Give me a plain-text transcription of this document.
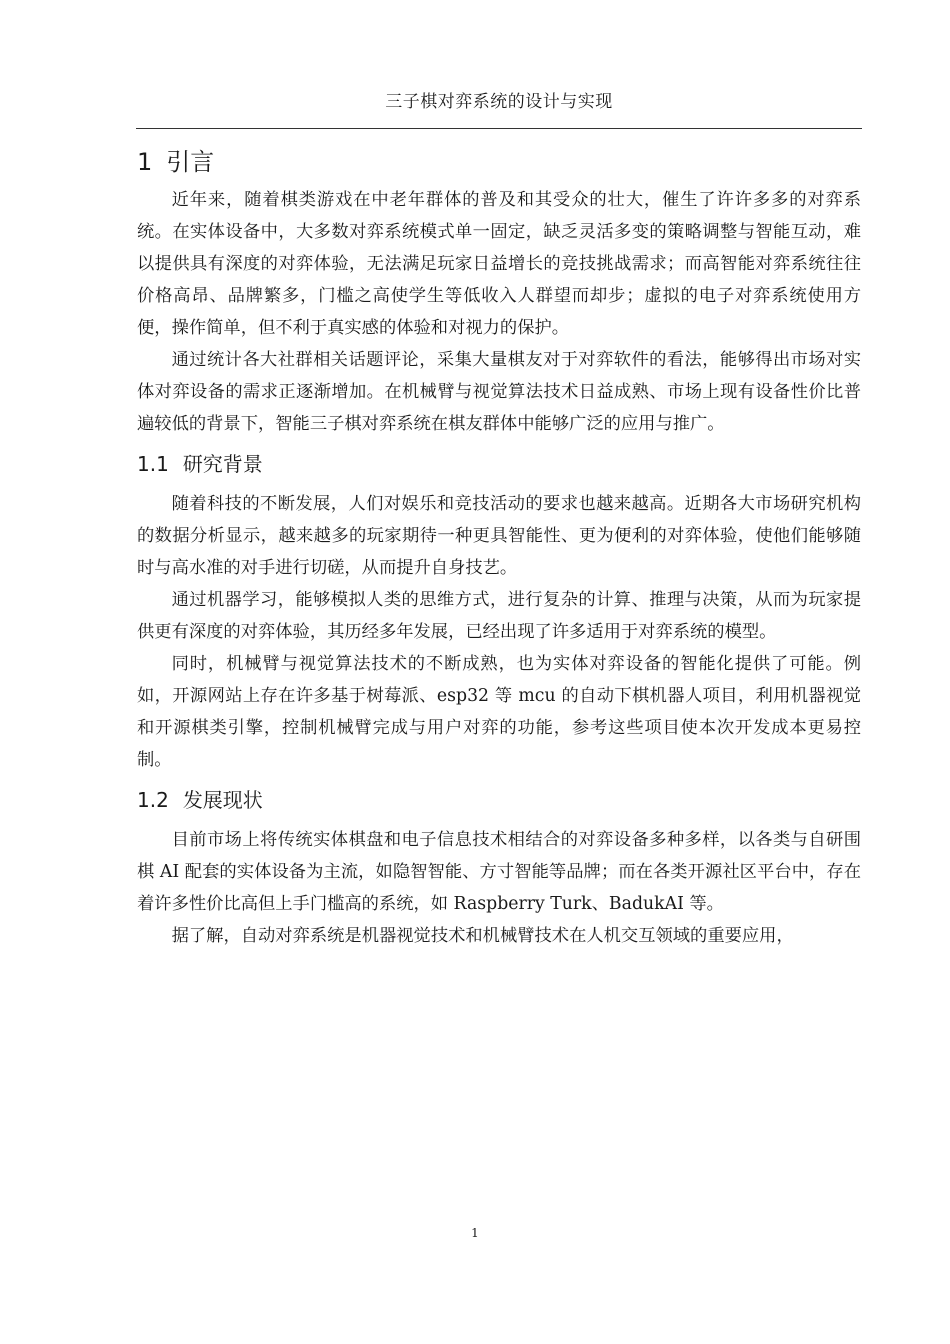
三子棋对弈系统的设计与实现
1 引言

近年来，随着棋类游戏在中老年群体的普及和其受众的壮大，催生了许许多多的对弈系统。在实体设备中，大多数对弈系统模式单一固定，缺乏灵活多变的策略调整与智能互动，难以提供具有深度的对弈体验，无法满足玩家日益增长的竞技挑战需求；而高智能对弈系统往往价格高昂、品牌繁多，门槛之高使学生等低收入人群望而却步；虚拟的电子对弈系统使用方便，操作简单，但不利于真实感的体验和对视力的保护。

通过统计各大社群相关话题评论，采集大量棋友对于对弈软件的看法，能够得出市场对实体对弈设备的需求正逐渐增加。在机械臂与视觉算法技术日益成熟、市场上现有设备性价比普遍较低的背景下，智能三子棋对弈系统在棋友群体中能够广泛的应用与推广。

1.1 研究背景

随着科技的不断发展，人们对娱乐和竞技活动的要求也越来越高。近期各大市场研究机构的数据分析显示，越来越多的玩家期待一种更具智能性、更为便利的对弈体验，使他们能够随时与高水准的对手进行切磋，从而提升自身技艺。

通过机器学习，能够模拟人类的思维方式，进行复杂的计算、推理与决策，从而为玩家提供更有深度的对弈体验，其历经多年发展，已经出现了许多适用于对弈系统的模型。

同时，机械臂与视觉算法技术的不断成熟，也为实体对弈设备的智能化提供了可能。例如，开源网站上存在许多基于树莓派、esp32 等 mcu 的自动下棋机器人项目，利用机器视觉和开源棋类引擎，控制机械臂完成与用户对弈的功能，参考这些项目使本次开发成本更易控制。

1.2 发展现状

目前市场上将传统实体棋盘和电子信息技术相结合的对弈设备多种多样，以各类与自研围棋 AI 配套的实体设备为主流，如隐智智能、方寸智能等品牌；而在各类开源社区平台中，存在着许多性价比高但上手门槛高的系统，如 Raspberry Turk、BadukAI 等。

据了解，自动对弈系统是机器视觉技术和机械臂技术在人机交互领域的重要应用，

1
